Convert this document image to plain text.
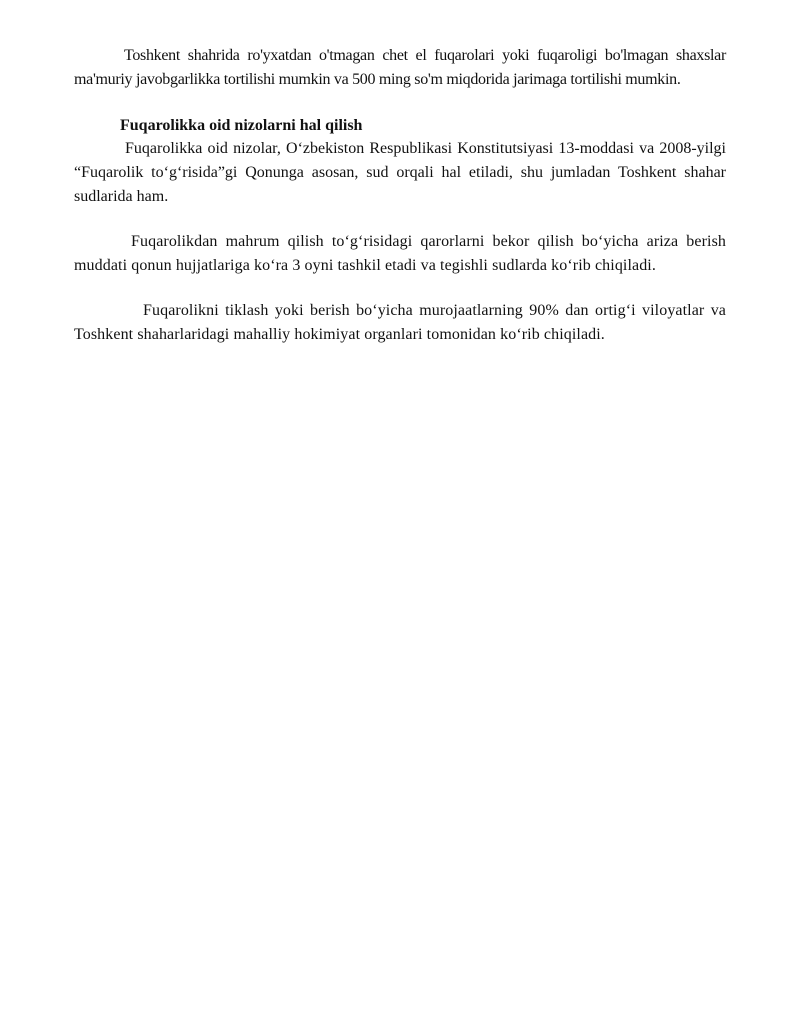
Toshkent shahrida ro'yxatdan o'tmagan chet el fuqarolari yoki fuqaroligi bo'lmagan shaxslar ma'muriy javobgarlikka tortilishi mumkin va 500 ming so'm miqdorida jarimaga tortilishi mumkin.

Fuqarolikka oid nizolarni hal qilish

Fuqarolikka oid nizolar, O‘zbekiston Respublikasi Konstitutsiyasi 13-moddasi va 2008-yilgi “Fuqarolik to‘g‘risida”gi Qonunga asosan, sud orqali hal etiladi, shu jumladan Toshkent shahar sudlarida ham.

Fuqarolikdan mahrum qilish to‘g‘risidagi qarorlarni bekor qilish bo‘yicha ariza berish muddati qonun hujjatlariga ko‘ra 3 oyni tashkil etadi va tegishli sudlarda ko‘rib chiqiladi.

Fuqarolikni tiklash yoki berish bo‘yicha murojaatlarning 90% dan ortig‘i viloyatlar va Toshkent shaharlaridagi mahalliy hokimiyat organlari tomonidan ko‘rib chiqiladi.
